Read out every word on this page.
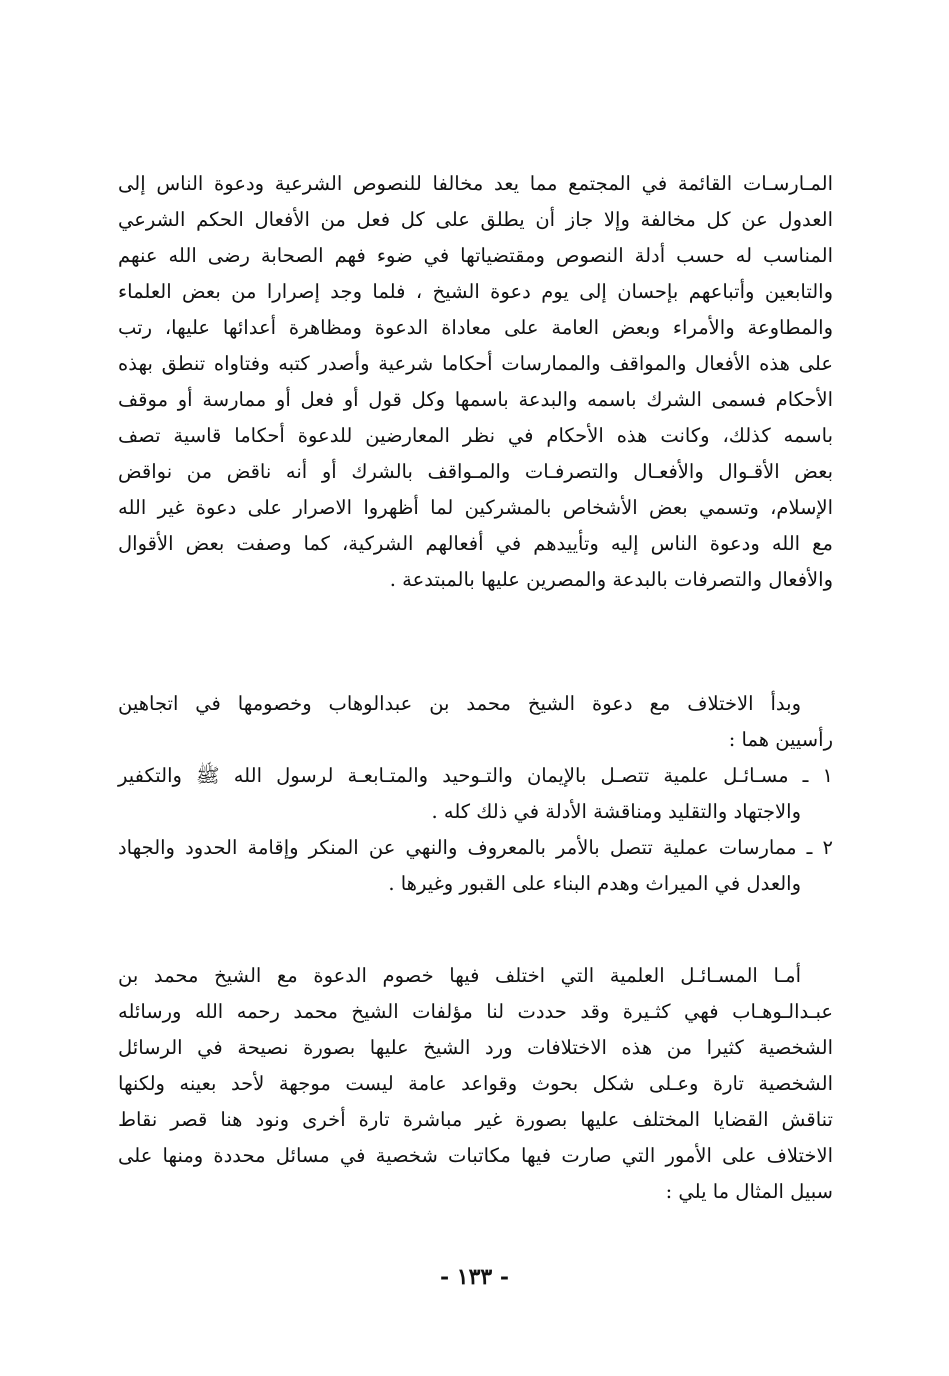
المـارسـات القائمة في المجتمع مما يعد مخالفا للنصوص الشرعية ودعوة الناس إلى
العدول عن كل مخالفة وإلا جاز أن يطلق على كل فعل من الأفعال الحكم الشرعي
المناسب له حسب أدلة النصوص ومقتضياتها في ضوء فهم الصحابة رضى الله عنهم
والتابعين وأتباعهم بإحسان إلى يوم دعوة الشيخ ، فلما وجد إصرارا من بعض العلماء
والمطاوعة والأمراء وبعض العامة على معاداة الدعوة ومظاهرة أعدائها عليها، رتب
على هذه الأفعال والمواقف والممارسات أحكاما شرعية وأصدر كتبه وفتاواه تنطق بهذه
الأحكام فسمى الشرك باسمه والبدعة باسمها وكل قول أو فعل أو ممارسة أو موقف
باسمه كذلك، وكانت هذه الأحكام في نظر المعارضين للدعوة أحكاما قاسية تصف
بعض الأقـوال والأفعـال والتصرفـات والمـواقف بالشرك أو أنه ناقض من نواقض
الإسلام، وتسمي بعض الأشخاص بالمشركين لما أظهروا الاصرار على دعوة غير الله
مع الله ودعوة الناس إليه وتأييدهم في أفعالهم الشركية، كما وصفت بعض الأقوال
والأفعال والتصرفات بالبدعة والمصرين عليها بالمبتدعة .
وبدأ الاختلاف مع دعوة الشيخ محمد بن عبدالوهاب وخصومها في اتجاهين
رأسيين هما :
١ ـ مسـائـل علمية تتصـل بالإيمان والتـوحيد والمتـابعـة لرسول الله ﷺ والتكفير
والاجتهاد والتقليد ومناقشة الأدلة في ذلك كله .
٢ ـ ممارسات عملية تتصل بالأمر بالمعروف والنهي عن المنكر وإقامة الحدود والجهاد
والعدل في الميراث وهدم البناء على القبور وغيرها .
أمـا المسـائـل العلمية التي اختلف فيها خصوم الدعوة مع الشيخ محمد بن
عبـدالـوهـاب فهي كثـيرة وقد حددت لنا مؤلفات الشيخ محمد رحمه الله ورسائله
الشخصية كثيرا من هذه الاختلافات ورد الشيخ عليها بصورة نصيحة في الرسائل
الشخصية تارة وعـلى شكل بحوث وقواعد عامة ليست موجهة لأحد بعينه ولكنها
تناقش القضايا المختلف عليها بصورة غير مباشرة تارة أخرى ونود هنا قصر نقاط
الاختلاف على الأمور التي صارت فيها مكاتبات شخصية في مسائل محددة ومنها على
سبيل المثال ما يلي :
- ١٣٣ -
